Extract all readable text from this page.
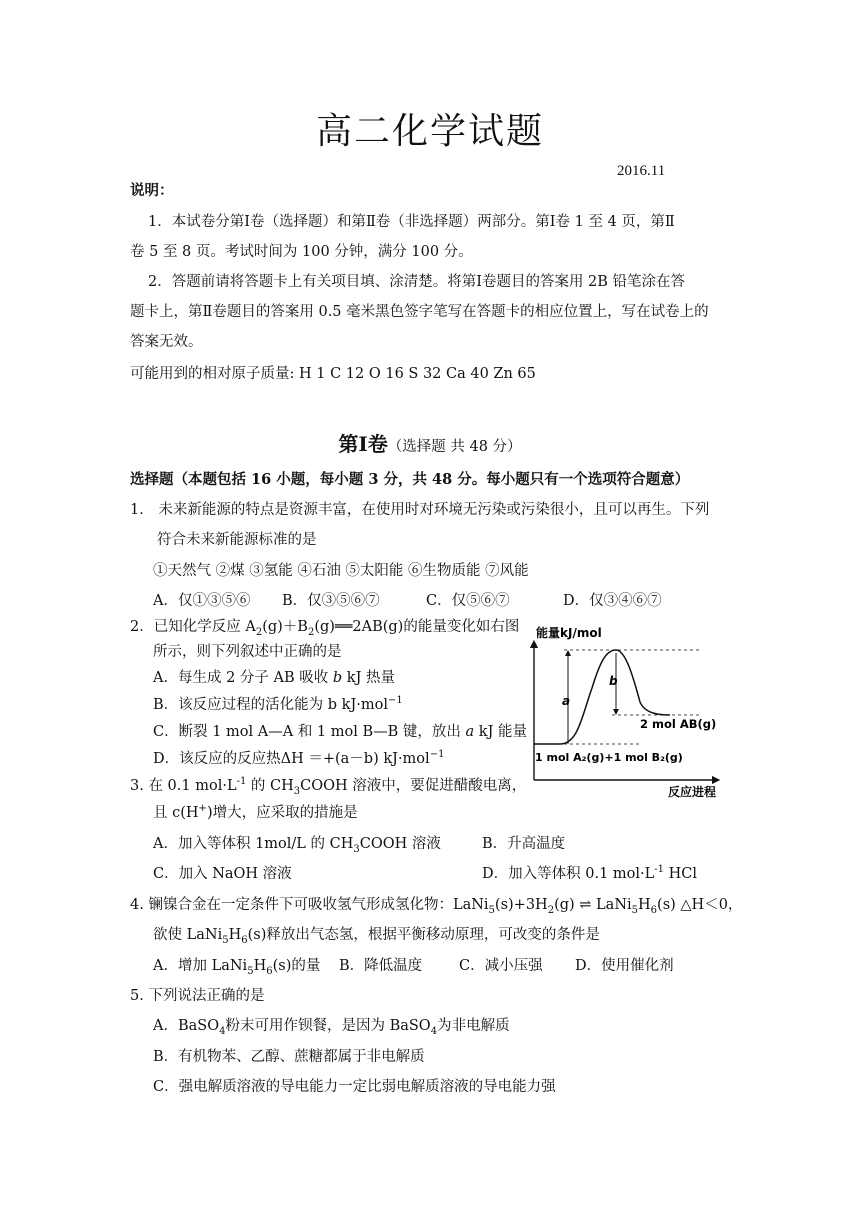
高二化学试题
2016.11
说明：
1．本试卷分第Ⅰ卷（选择题）和第Ⅱ卷（非选择题）两部分。第Ⅰ卷 1 至 4 页，第Ⅱ
卷 5 至 8 页。考试时间为 100 分钟，满分 100 分。
2．答题前请将答题卡上有关项目填、涂清楚。将第Ⅰ卷题目的答案用 2B 铅笔涂在答
题卡上，第Ⅱ卷题目的答案用 0.5 毫米黑色签字笔写在答题卡的相应位置上，写在试卷上的
答案无效。
可能用到的相对原子质量: H 1 C 12 O 16 S 32 Ca 40 Zn 65
第Ⅰ卷（选择题 共 48 分）
选择题（本题包括 16 小题，每小题 3 分，共 48 分。每小题只有一个选项符合题意）
1． 未来新能源的特点是资源丰富，在使用时对环境无污染或污染很小，且可以再生。下列
符合未来新能源标准的是
①天然气 ②煤 ③氢能 ④石油 ⑤太阳能 ⑥生物质能 ⑦风能
A．仅①③⑤⑥ B．仅③⑤⑥⑦	C．仅⑤⑥⑦	D．仅③④⑥⑦
2．已知化学反应 $A_2(g)+B_2(g)══2AB(g)$的能量变化如右图
所示，则下列叙述中正确的是
A．每生成 2 分子 AB 吸收 b kJ 热量
B．该反应过程的活化能为 b kJ·mol$^{-1}$
C．断裂 1 mol A—A 和 1 mol B—B 键，放出 a kJ 能量
D．该反应的反应热ΔH ＝+(a－b) kJ·mol$^{-1}$
能量kJ/mol
反应进程
a
b
2 mol AB(g)
1 mol A₂(g)+1 mol B₂(g)
3. 在 0.1 $mol\cdot L^{-1}$ 的 $CH_3COOH$ 溶液中，要促进醋酸电离，
且 c(H+)增大，应采取的措施是
A．加入等体积 1mol/L 的 $CH_3COOH$ 溶液	B．升高温度
C．加入 NaOH 溶液	D．加入等体积 0.1 $mol\cdot L^{-1}$ HCl
4. 镧镍合金在一定条件下可吸收氢气形成氢化物：$LaNi_5(s)+3H_2(g)$ ⇌ $LaNi_5H_6(s)$ △H＜0，
欲使 $LaNi_5H_6(s)$释放出气态氢，根据平衡移动原理，可改变的条件是
A．增加 $LaNi_5H_6(s)$的量 B．降低温度	C．减小压强 D．使用催化剂
5. 下列说法正确的是
A．BaSO$_4$粉末可用作钡餐，是因为 BaSO$_4$为非电解质
B．有机物苯、乙醇、蔗糖都属于非电解质
C．强电解质溶液的导电能力一定比弱电解质溶液的导电能力强
